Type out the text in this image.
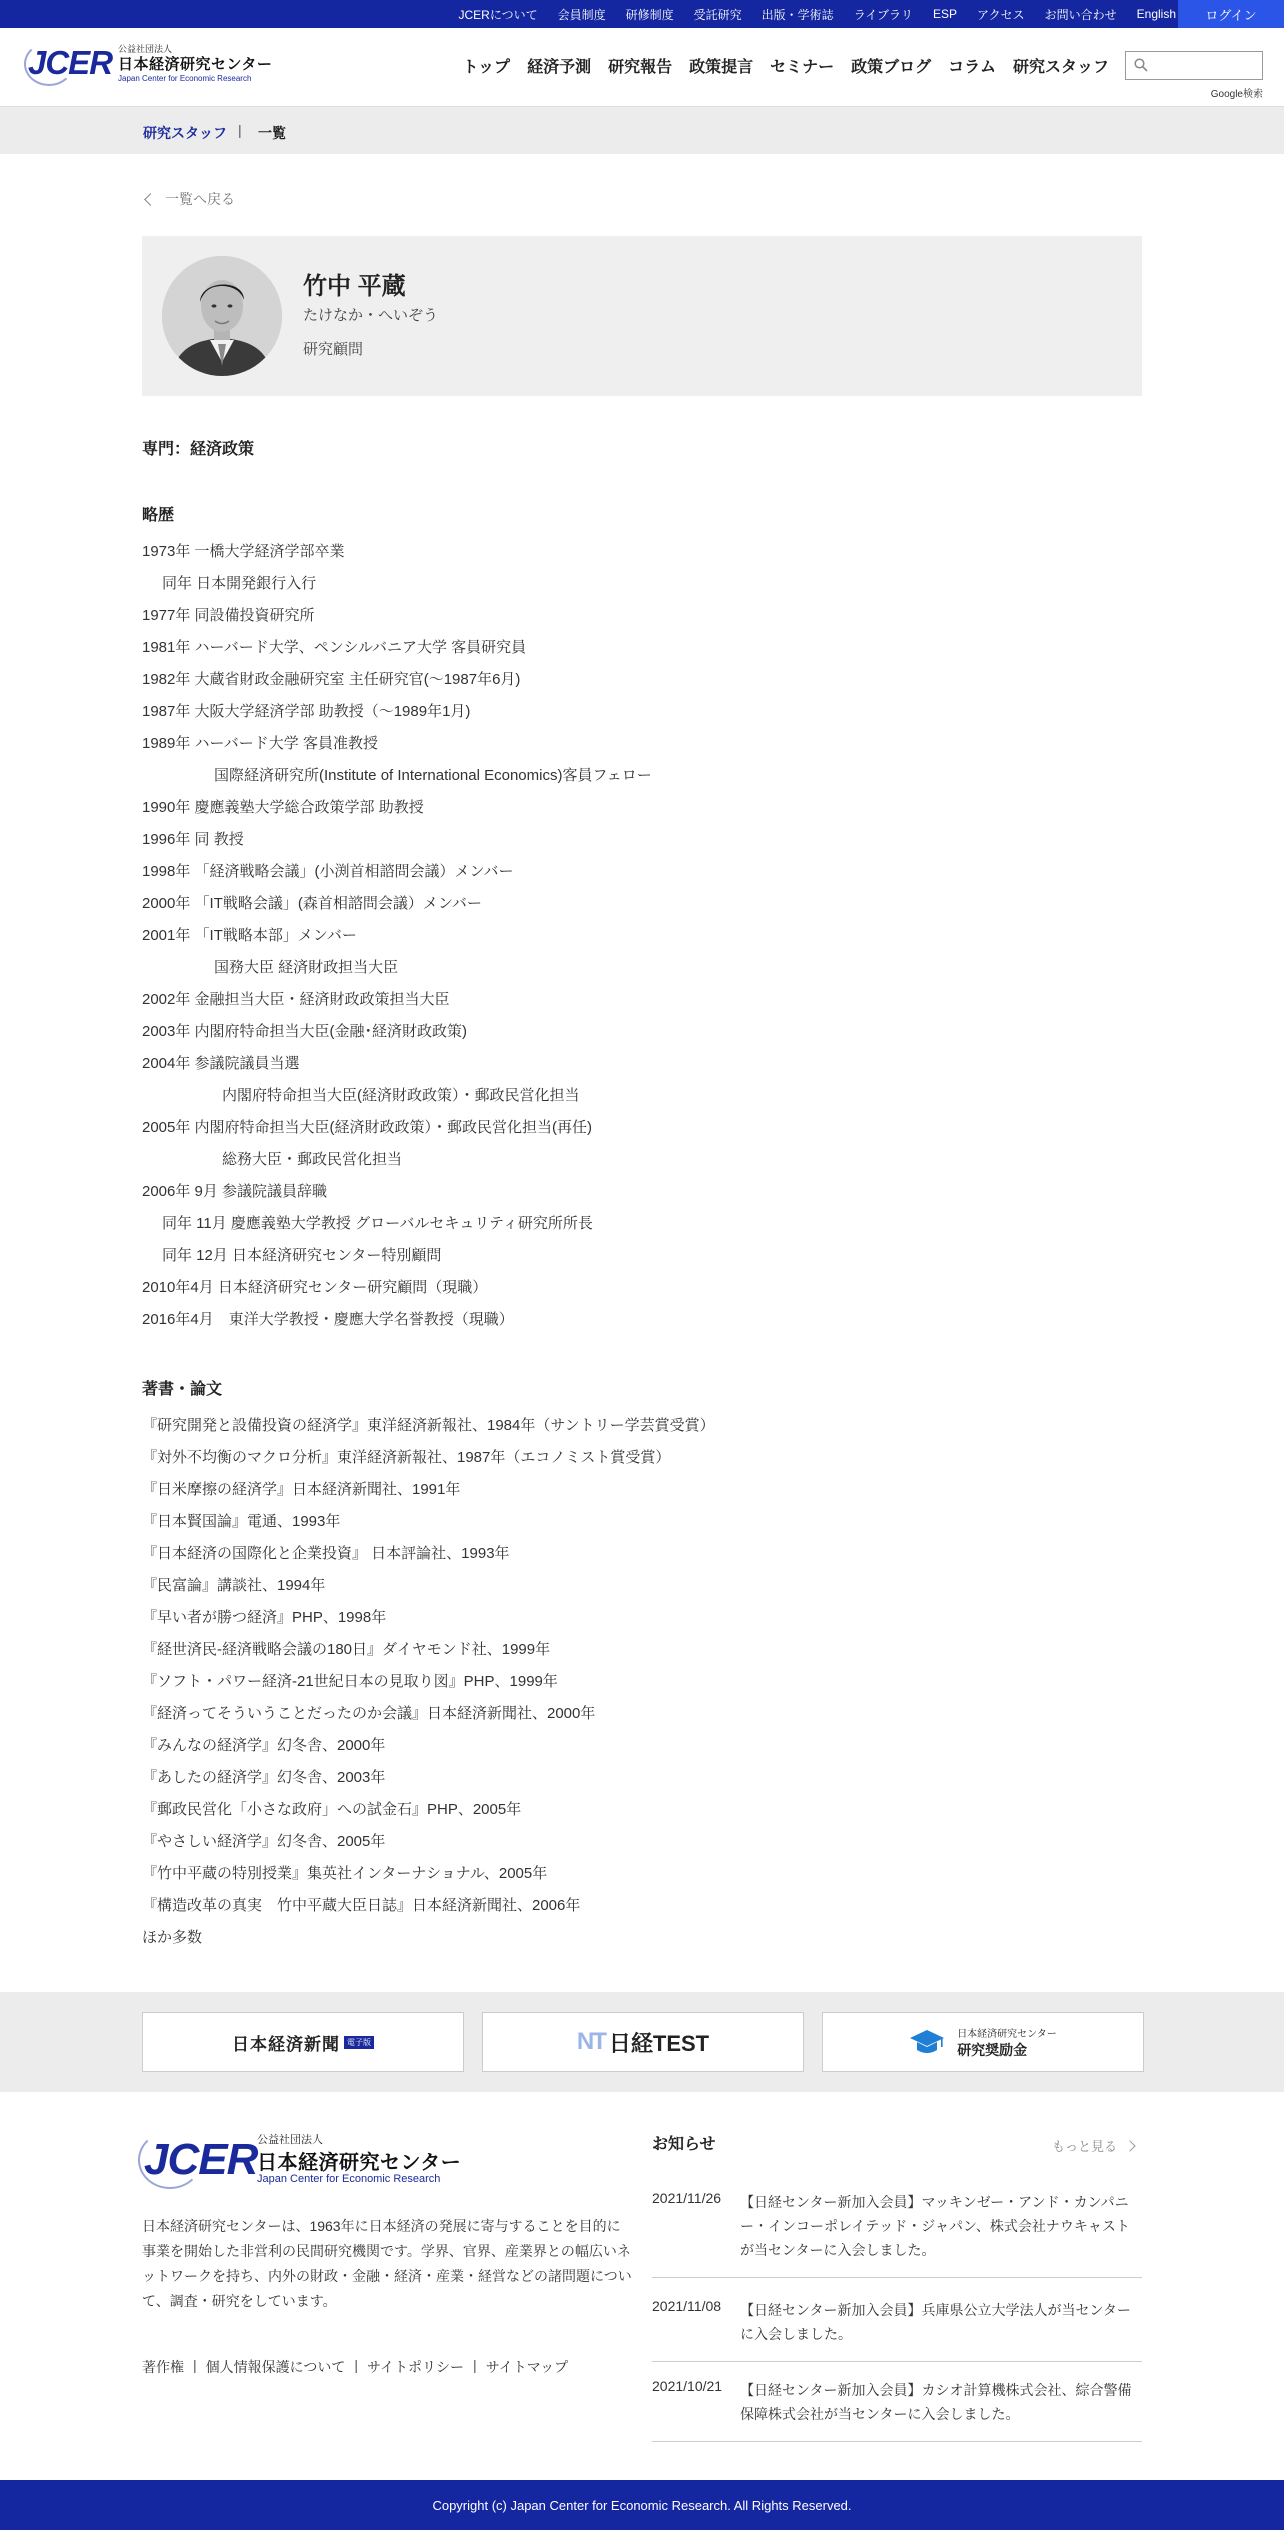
JCERについて 会員制度 研修制度 受託研究 出版・学術誌 ライブラリ ESP アクセス お問い合わせ English	ログイン
JCER 公益社団法人
日本経済研究センター
Japan Center for Economic Research
トップ 経済予測 研究報告 政策提言 セミナー 政策ブログ コラム 研究スタッフ
Google検索
研究スタッフ | 一覧
一覧へ戻る
竹中 平蔵
たけなか・へいぞう
研究顧問
専門：経済政策
略歴
1973年 一橋大学経済学部卒業
同年 日本開発銀行入行
1977年 同設備投資研究所
1981年 ハーバード大学、ペンシルバニア大学 客員研究員
1982年 大蔵省財政金融研究室 主任研究官(～1987年6月)
1987年 大阪大学経済学部 助教授（～1989年1月)
1989年 ハーバード大学 客員准教授
国際経済研究所(Institute of International Economics)客員フェロー
1990年 慶應義塾大学総合政策学部 助教授
1996年 同 教授
1998年 「経済戦略会議」(小渕首相諮問会議）メンバー
2000年 「IT戦略会議」(森首相諮問会議）メンバー
2001年 「IT戦略本部」メンバー
国務大臣 経済財政担当大臣
2002年 金融担当大臣・経済財政政策担当大臣
2003年 内閣府特命担当大臣(金融･経済財政政策)
2004年 参議院議員当選
内閣府特命担当大臣(経済財政政策）・郵政民営化担当
2005年 内閣府特命担当大臣(経済財政政策）・郵政民営化担当(再任)
総務大臣・郵政民営化担当
2006年 9月 参議院議員辞職
同年 11月 慶應義塾大学教授 グローバルセキュリティ研究所所長
同年 12月 日本経済研究センター特別顧問
2010年4月 日本経済研究センター研究顧問（現職）
2016年4月　東洋大学教授・慶應大学名誉教授（現職）
著書・論文
『研究開発と設備投資の経済学』東洋経済新報社、1984年（サントリー学芸賞受賞）
『対外不均衡のマクロ分析』東洋経済新報社、1987年（エコノミスト賞受賞）
『日米摩擦の経済学』日本経済新聞社、1991年
『日本賢国論』電通、1993年
『日本経済の国際化と企業投資』 日本評論社、1993年
『民富論』講談社、1994年
『早い者が勝つ経済』PHP、1998年
『経世済民-経済戦略会議の180日』ダイヤモンド社、1999年
『ソフト・パワー経済-21世紀日本の見取り図』PHP、1999年
『経済ってそういうことだったのか会議』日本経済新聞社、2000年
『みんなの経済学』幻冬舎、2000年
『あしたの経済学』幻冬舎、2003年
『郵政民営化「小さな政府」への試金石』PHP、2005年
『やさしい経済学』幻冬舎、2005年
『竹中平蔵の特別授業』集英社インターナショナル、2005年
『構造改革の真実　竹中平蔵大臣日誌』日本経済新聞社、2006年
ほか多数
日本経済新聞 電子版	NT 日経TEST	日本経済研究センター
研究奨励金
JCER 公益社団法人
日本経済研究センター
Japan Center for Economic Research
日本経済研究センターは、1963年に日本経済の発展に寄与することを目的に事業を開始した非営利の民間研究機関です。学界、官界、産業界との幅広いネットワークを持ち、内外の財政・金融・経済・産業・経営などの諸問題について、調査・研究をしています。
著作権 | 個人情報保護について | サイトポリシー | サイトマップ
お知らせ	もっと見る
2021/11/26 【日経センター新加入会員】マッキンゼー・アンド・カンパニー・インコーポレイテッド・ジャパン、株式会社ナウキャストが当センターに入会しました。
2021/11/08 【日経センター新加入会員】兵庫県公立大学法人が当センターに入会しました。
2021/10/21 【日経センター新加入会員】カシオ計算機株式会社、綜合警備保障株式会社が当センターに入会しました。
Copyright (c) Japan Center for Economic Research. All Rights Reserved.
